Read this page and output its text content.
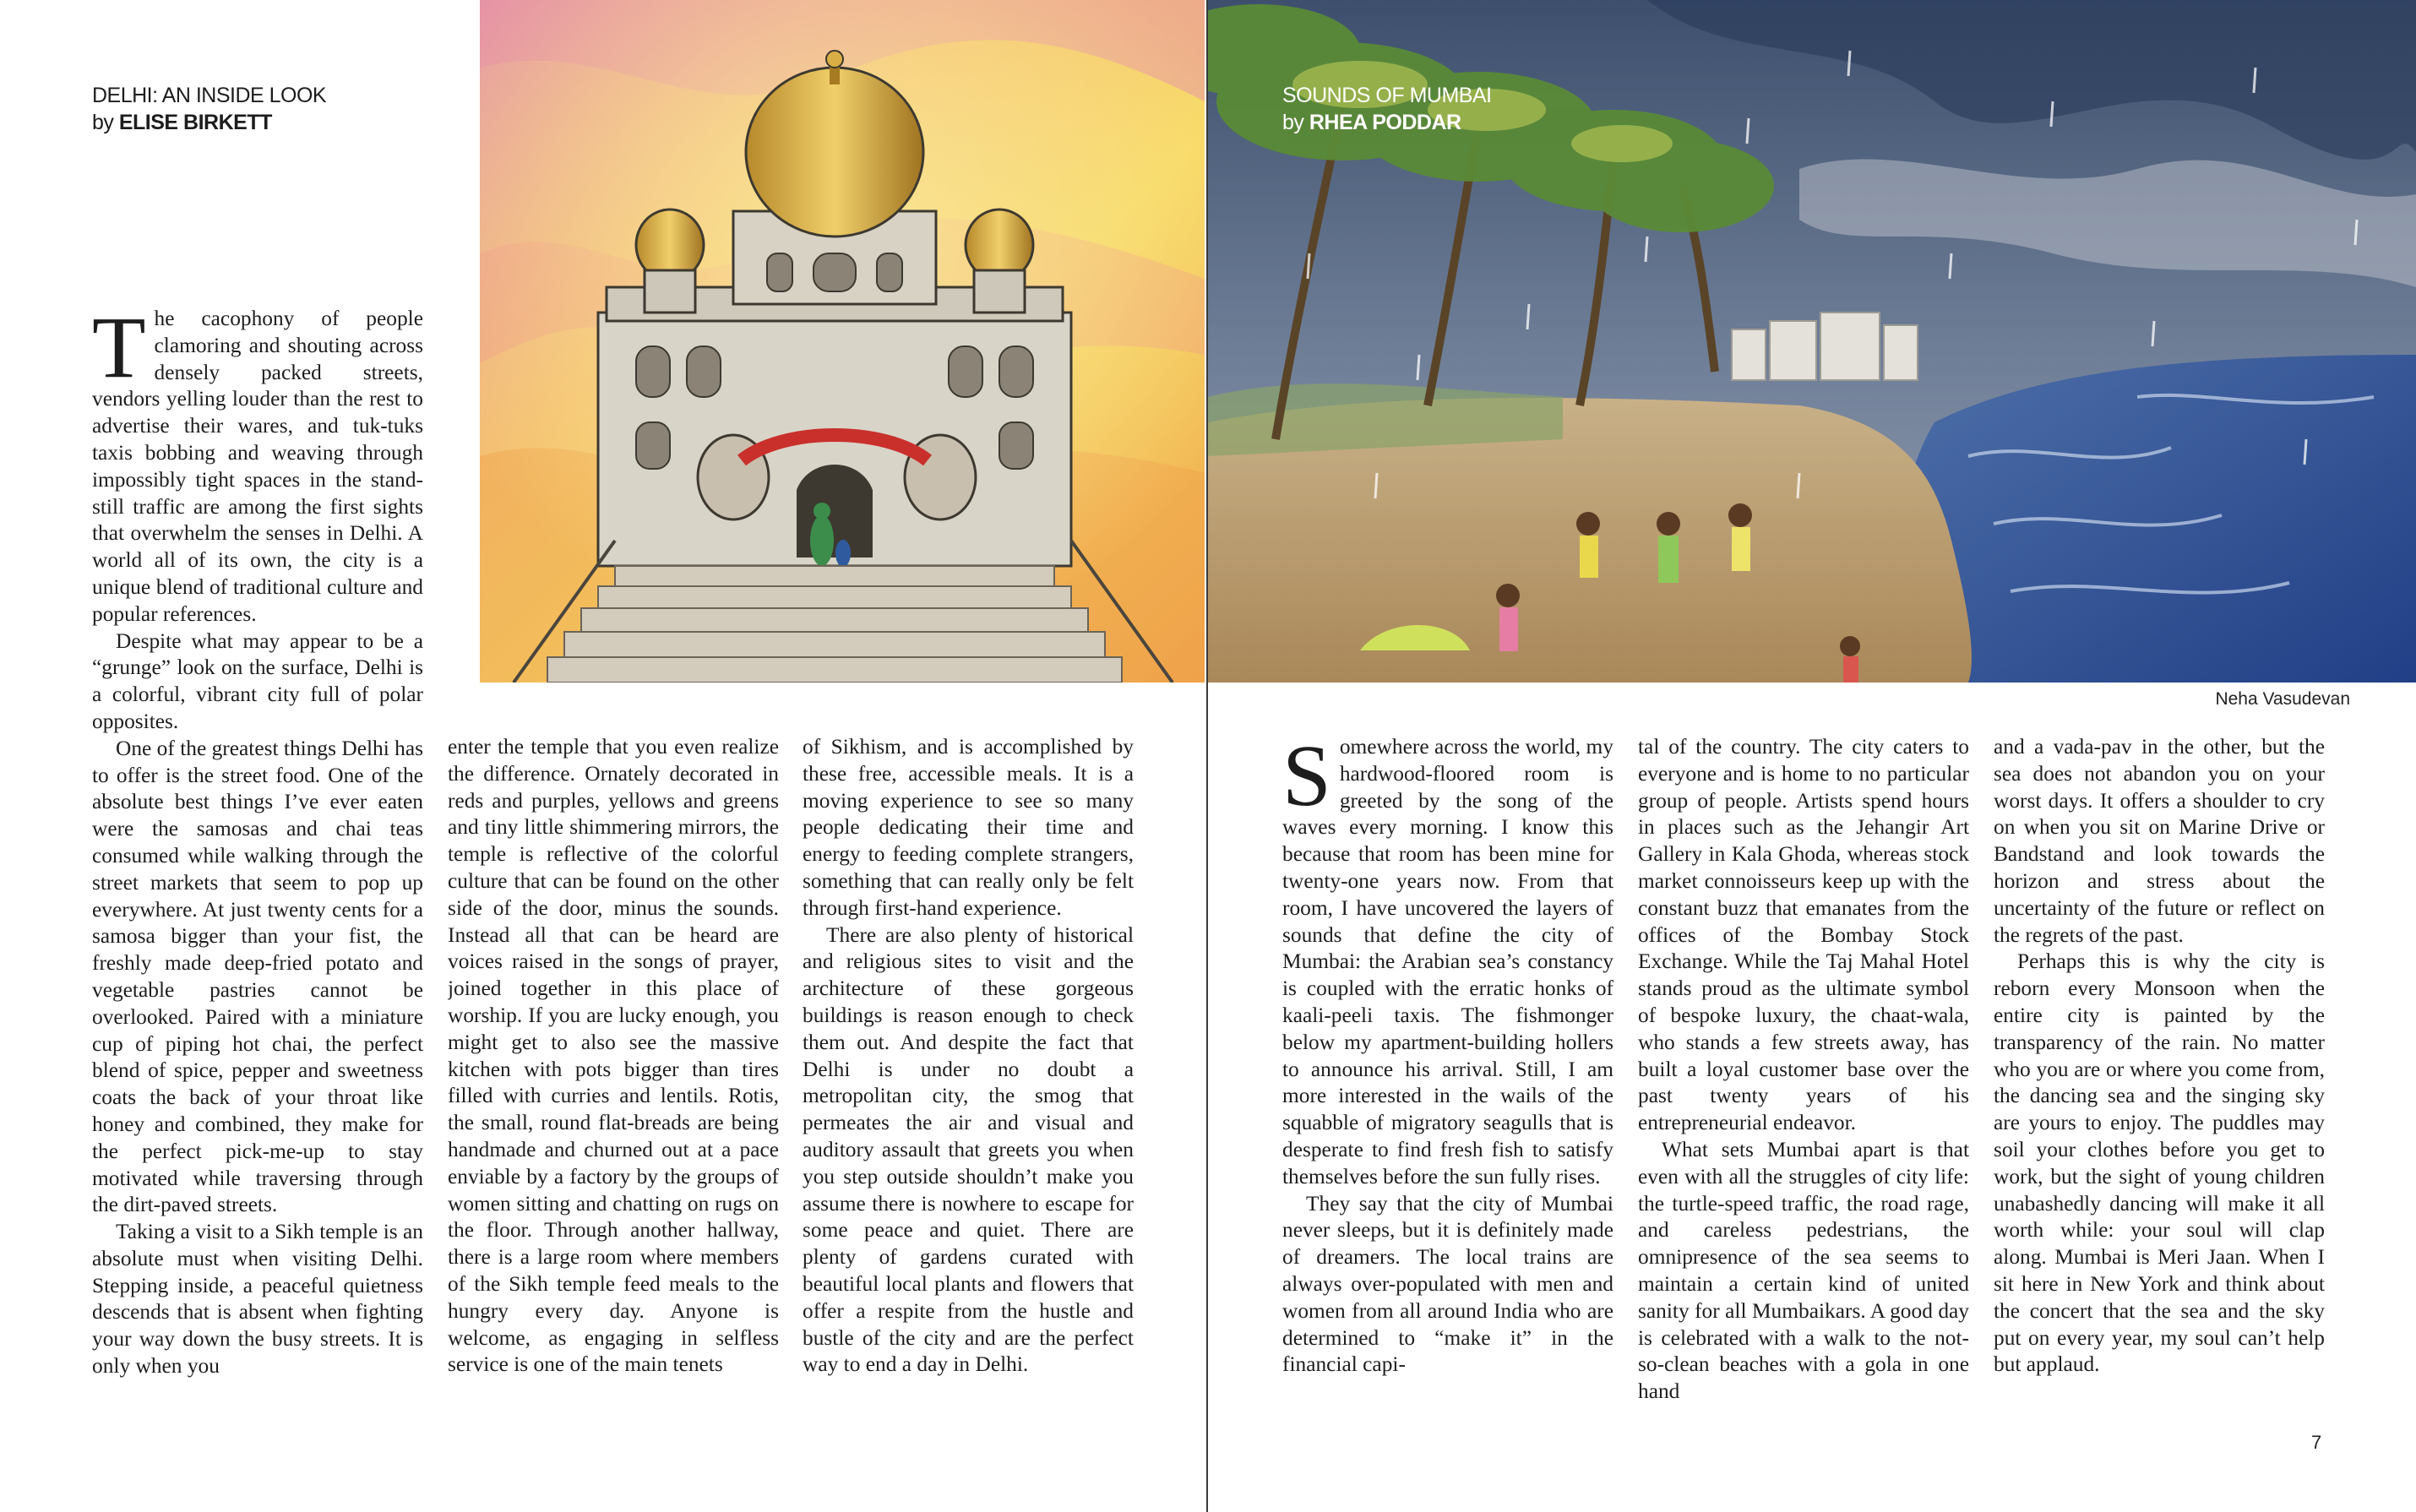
DELHI: AN INSIDE LOOK
by ELISE BIRKETT

The cacophony of people clamoring and shouting across densely packed streets, vendors yelling louder than the rest to advertise their wares, and tuk-tuks taxis bobbing and weaving through impossibly tight spaces in the stand-still traffic are among the first sights that overwhelm the senses in Delhi. A world all of its own, the city is a unique blend of traditional culture and popular references.

Despite what may appear to be a “grunge” look on the surface, Delhi is a colorful, vibrant city full of polar opposites.

One of the greatest things Delhi has to offer is the street food. One of the absolute best things I’ve ever eaten were the samosas and chai teas consumed while walking through the street markets that seem to pop up everywhere. At just twenty cents for a samosa bigger than your fist, the freshly made deep-fried potato and vegetable pastries cannot be overlooked. Paired with a miniature cup of piping hot chai, the perfect blend of spice, pepper and sweetness coats the back of your throat like honey and combined, they make for the perfect pick-me-up to stay motivated while traversing through the dirt-paved streets.

Taking a visit to a Sikh temple is an absolute must when visiting Delhi. Stepping inside, a peaceful quietness descends that is absent when fighting your way down the busy streets. It is only when you

enter the temple that you even realize the difference. Ornately decorated in reds and purples, yellows and greens and tiny little shimmering mirrors, the temple is reflective of the colorful culture that can be found on the other side of the door, minus the sounds. Instead all that can be heard are voices raised in the songs of prayer, joined together in this place of worship. If you are lucky enough, you might get to also see the massive kitchen with pots bigger than tires filled with curries and lentils. Rotis, the small, round flat-breads are being handmade and churned out at a pace enviable by a factory by the groups of women sitting and chatting on rugs on the floor. Through another hallway, there is a large room where members of the Sikh temple feed meals to the hungry every day. Anyone is welcome, as engaging in selfless service is one of the main tenets

of Sikhism, and is accomplished by these free, accessible meals. It is a moving experience to see so many people dedicating their time and energy to feeding complete strangers, something that can really only be felt through first-hand experience.

There are also plenty of historical and religious sites to visit and the architecture of these gorgeous buildings is reason enough to check them out. And despite the fact that Delhi is under no doubt a metropolitan city, the smog that permeates the air and visual and auditory assault that greets you when you step outside shouldn’t make you assume there is nowhere to escape for some peace and quiet. There are plenty of gardens curated with beautiful local plants and flowers that offer a respite from the hustle and bustle of the city and are the perfect way to end a day in Delhi.

SOUNDS OF MUMBAI
by RHEA PODDAR
Neha Vasudevan

Somewhere across the world, my hardwood-floored room is greeted by the song of the waves every morning. I know this because that room has been mine for twenty-one years now. From that room, I have uncovered the layers of sounds that define the city of Mumbai: the Arabian sea’s constancy is coupled with the erratic honks of kaali-peeli taxis. The fishmonger below my apartment-building hollers to announce his arrival. Still, I am more interested in the wails of the squabble of migratory seagulls that is desperate to find fresh fish to satisfy themselves before the sun fully rises.

They say that the city of Mumbai never sleeps, but it is definitely made of dreamers. The local trains are always over-populated with men and women from all around India who are determined to “make it” in the financial capi-

tal of the country. The city caters to everyone and is home to no particular group of people. Artists spend hours in places such as the Jehangir Art Gallery in Kala Ghoda, whereas stock market connoisseurs keep up with the constant buzz that emanates from the offices of the Bombay Stock Exchange. While the Taj Mahal Hotel stands proud as the ultimate symbol of bespoke luxury, the chaat-wala, who stands a few streets away, has built a loyal customer base over the past twenty years of his entrepreneurial endeavor.

What sets Mumbai apart is that even with all the struggles of city life: the turtle-speed traffic, the road rage, and careless pedestrians, the omnipresence of the sea seems to maintain a certain kind of united sanity for all Mumbaikars. A good day is celebrated with a walk to the not-so-clean beaches with a gola in one hand

and a vada-pav in the other, but the sea does not abandon you on your worst days. It offers a shoulder to cry on when you sit on Marine Drive or Bandstand and look towards the horizon and stress about the uncertainty of the future or reflect on the regrets of the past.

Perhaps this is why the city is reborn every Monsoon when the entire city is painted by the transparency of the rain. No matter who you are or where you come from, the dancing sea and the singing sky are yours to enjoy. The puddles may soil your clothes before you get to work, but the sight of young children unabashedly dancing will make it all worth while: your soul will clap along. Mumbai is Meri Jaan. When I sit here in New York and think about the concert that the sea and the sky put on every year, my soul can’t help but applaud.

7
